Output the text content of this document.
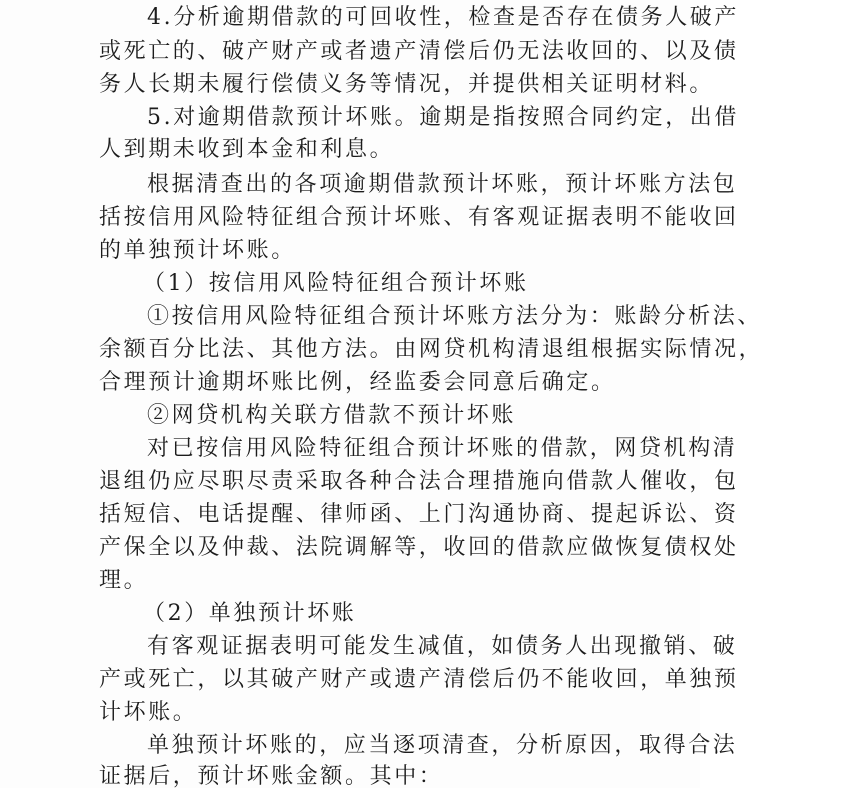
4.分析逾期借款的可回收性，检查是否存在债务人破产
或死亡的、破产财产或者遗产清偿后仍无法收回的、以及债
务人长期未履行偿债义务等情况，并提供相关证明材料。
5.对逾期借款预计坏账。逾期是指按照合同约定，出借
人到期未收到本金和利息。
根据清查出的各项逾期借款预计坏账，预计坏账方法包
括按信用风险特征组合预计坏账、有客观证据表明不能收回
的单独预计坏账。
（1）按信用风险特征组合预计坏账
①按信用风险特征组合预计坏账方法分为：账龄分析法、
余额百分比法、其他方法。由网贷机构清退组根据实际情况，
合理预计逾期坏账比例，经监委会同意后确定。
②网贷机构关联方借款不预计坏账
对已按信用风险特征组合预计坏账的借款，网贷机构清
退组仍应尽职尽责采取各种合法合理措施向借款人催收，包
括短信、电话提醒、律师函、上门沟通协商、提起诉讼、资
产保全以及仲裁、法院调解等，收回的借款应做恢复债权处
理。
（2）单独预计坏账
有客观证据表明可能发生减值，如债务人出现撤销、破
产或死亡，以其破产财产或遗产清偿后仍不能收回，单独预
计坏账。
单独预计坏账的，应当逐项清查，分析原因，取得合法
证据后，预计坏账金额。其中：
